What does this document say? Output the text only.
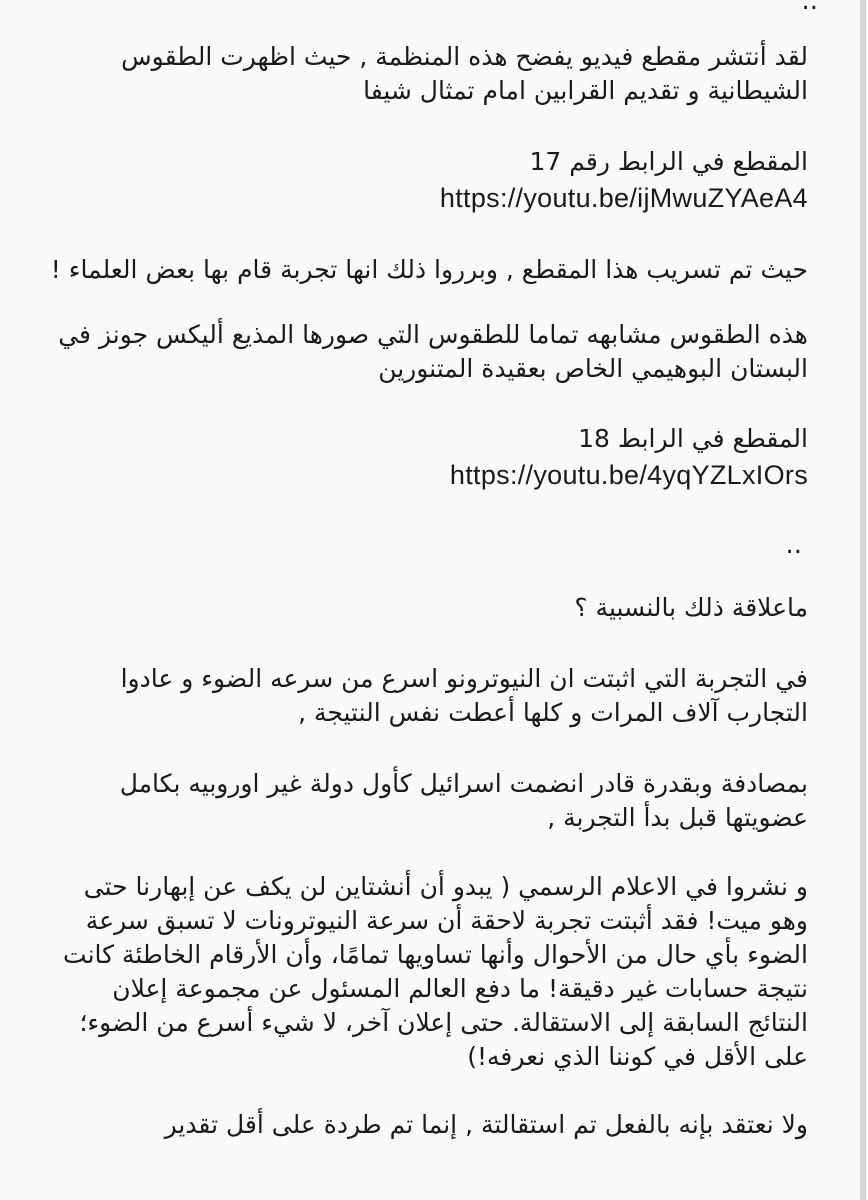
..

لقد أنتشر مقطع فيديو يفضح هذه المنظمة , حيث اظهرت الطقوس
الشيطانية و تقديم القرابين امام تمثال شيفا

المقطع في الرابط رقم 17
https://youtu.be/ijMwuZYAeA4

حيث تم تسريب هذا المقطع , وبرروا ذلك انها تجربة قام بها بعض العلماء !

هذه الطقوس مشابهه تماما للطقوس التي صورها المذيع أليكس جونز في
البستان البوهيمي الخاص بعقيدة المتنورين

المقطع في الرابط 18
https://youtu.be/4yqYZLxIOrs
..

ماعلاقة ذلك بالنسبية ؟

في التجربة التي اثبتت ان النيوترونو اسرع من سرعه الضوء و عادوا
التجارب آلاف المرات و كلها أعطت نفس النتيجة ,

بمصادفة وبقدرة قادر انضمت اسرائيل كأول دولة غير اوروبيه بكامل
عضويتها قبل بدأ التجربة ,

و نشروا في الاعلام الرسمي ( يبدو أن أنشتاين لن يكف عن إبهارنا حتى
وهو ميت! فقد أثبتت تجربة لاحقة أن سرعة النيوترونات لا تسبق سرعة
الضوء بأي حال من الأحوال وأنها تساويها تمامًا، وأن الأرقام الخاطئة كانت
نتيجة حسابات غير دقيقة! ما دفع العالم المسئول عن مجموعة إعلان
النتائج السابقة إلى الاستقالة. حتى إعلان آخر، لا شيء أسرع من الضوء؛
على الأقل في كوننا الذي نعرفه!)

ولا نعتقد بإنه بالفعل تم استقالتة , إنما تم طردة على أقل تقدير
